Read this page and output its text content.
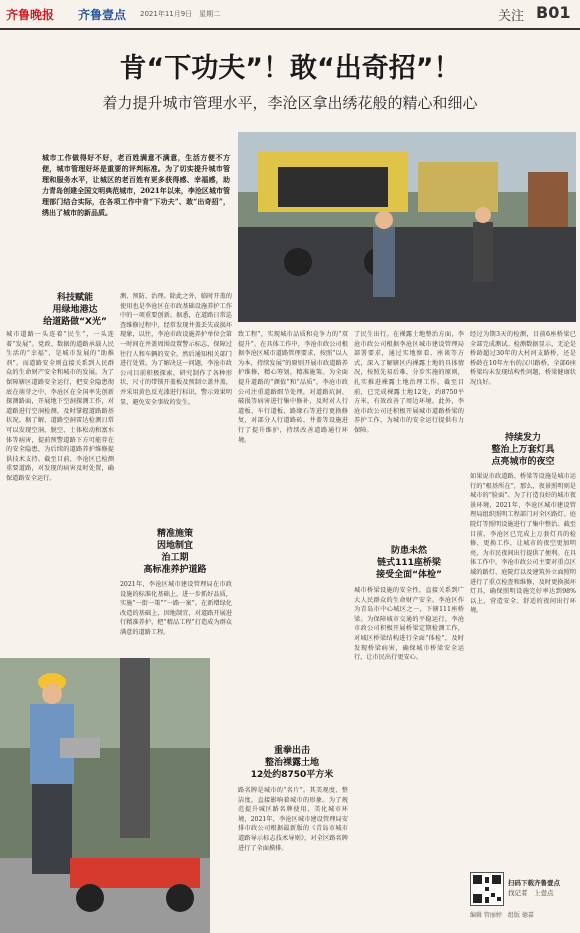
齐鲁晚报 齐鲁壹点 2021年11月9日　星期二	关注 B01
肯“下功夫”！敢“出奇招”！
着力提升城市管理水平，李沧区拿出绣花般的精心和细心
城市工作做得好不好，老百姓满意不满意，生活方便不方便，城市管理好坏是重要的评判标准。为了切实提升城市管理和服务水平，让城区的老百姓有更多获得感、幸福感，助力青岛创建全国文明典范城市，2021年以来，李沧区城市管理部门结合实际，在各项工作中肯“下功夫”、敢“出奇招”，绣出了城市的新品质。
科技赋能
用绿地港达
给道路做“X光”
城市道路一头连着“民生”，一头连着“发展”。党政、数据的道路承载人民生活的“幸福”，是城市发展的“助推剂”。而道路安全则直接关系到人民群众的生命财产安全和城市的发展。为了保障辖区道路安全运行，把安全隐患彻底在萌芽之中，李沧区在全国率先创新探测路面，开展地下空洞探测工作，对道路进行空洞检测，及时掌握道路路基状况。据了解，道路空洞雷达检测日常可以发现空洞、脱空、土体松动和富水体等病害，提前预警道路下方可能存在的安全隐患，为后续的道路养护维修提供技术支持。截至目前，李沧区已检测重要道路，对发现的病害及时处置，确保道路安全运行。
测、预防、治理。除此之外，临时开盖的使用也是李沧区在市政基础设施养护工作中的一项重要创新。据悉，在道路日常巡查维修过程中，经常发现井盖丢失或损坏现象，以往，李沧市政设施养护单位会第一时间在井盖周围设置警示标志，保障过往行人和车辆的安全，然后通知相关部门进行处置。为了解决这一问题，李沧市政公司目前积极探索，研究制作了各种形状、尺寸的带锁开盖板及预制立盖井盖，并采用黄色反光漆进行标识，警示效果明显，避免安全事故的发生。
精准施策
因地制宜
治工期
高标准养护道路
2021年，李沧区城市建设管理局在市政设施的标准化基础上，进一步抓好品质，实施“一街一策”“一路一案”。在新增绿化改造的基础上，因地制宜，对道路开展进行精准养护，把“精品工程”打造成为群众满意的道路工程。
致工程”，实现城市品质和竞争力的“双提升”。在具体工作中，李沧市政公司根据李沧区城市道路管理要求，按照“以人为本，持续发展”的原则开展市政道路养护维修，精心筹划，精准施策。为全面提升道路的“颜值”和“品质”，李沧市政公司注重道路细节处理，对道路坑洞、破损等病害进行集中修补，及时对人行道板、车行道板、路缘石等进行更换修复，对部分人行道路砖、井盖等设施进行了提升维护，持续改善道路通行环境。
重拳出击
整治裸露土地
12处约8750平方米
路名牌是城市的“名片”。其美观度、整洁度，直接影响着城市的形象。为了规范提升城区路名牌使用，美化城市环境，2021年，李沧区城市建设管理局安排市政公司根据最新版的《青岛市城市道路导示标志技术导则》，对全区路名牌进行了全面摸排。
了民生出行。在裸露土地整治方面，李沧市政公司根据李沧区城市建设管理局部署要求，通过实地察看、座谈等方式，深入了解辖区内裸露土地的具体情况，按照先易后难、分步实施的原则，扎实推进裸露土地治理工作，截至目前，已完成裸露土地12处，约8750平方米，有效改善了周边环境。此外，李沧市政公司还积极开展城市道路桥梁的养护工作，为城市的安全运行提供有力保障。
防患未然
链式111座桥梁
接受全面“体检”
城市桥梁设施的安全性，直接关系到广大人民群众的生命财产安全。李沧区作为青岛市中心城区之一，下辖111座桥梁。为保障城市交通的平稳运行，李沧市政公司积极开展桥梁定期检测工作，对城区桥梁结构进行全面“体检”，及时发现桥梁病害，确保城市桥梁安全运行，让市民出行更安心。
经过为期3天的检测，目前6座桥梁已全部完成测试。检测数据显示，无论是桥龄超过30年的大村河支路桥，还是桥龄在10年左右的汉川路桥，全部6座桥梁均未发现结构性问题，桥梁健康状况良好。
持续发力
整治上万套灯具
点亮城市的夜空
如果说市政道路、桥梁等设施是城市运行的“根基所在”，那么，夜景照明则是城市的“脸面”。为了打造良好的城市夜景环境，2021年，李沧区城市建设管理局组织照明工程部门对全区路灯、庭院灯等照明设施进行了集中整治。截至目前，李沧区已完成上万套灯具的检修、更换工作，让城市的夜空更加明亮，为市民夜间出行提供了便利。在具体工作中，李沧市政公司主要对重点区域的路灯、庭院灯以及建筑外立面照明进行了重点检查和维修，及时更换损坏灯具，确保照明设施完好率达到98%以上，营造安全、舒适的夜间出行环境。
扫码下载齐鲁壹点
找记者　上壹点
编辑 管丽婷　组版 德嘉
